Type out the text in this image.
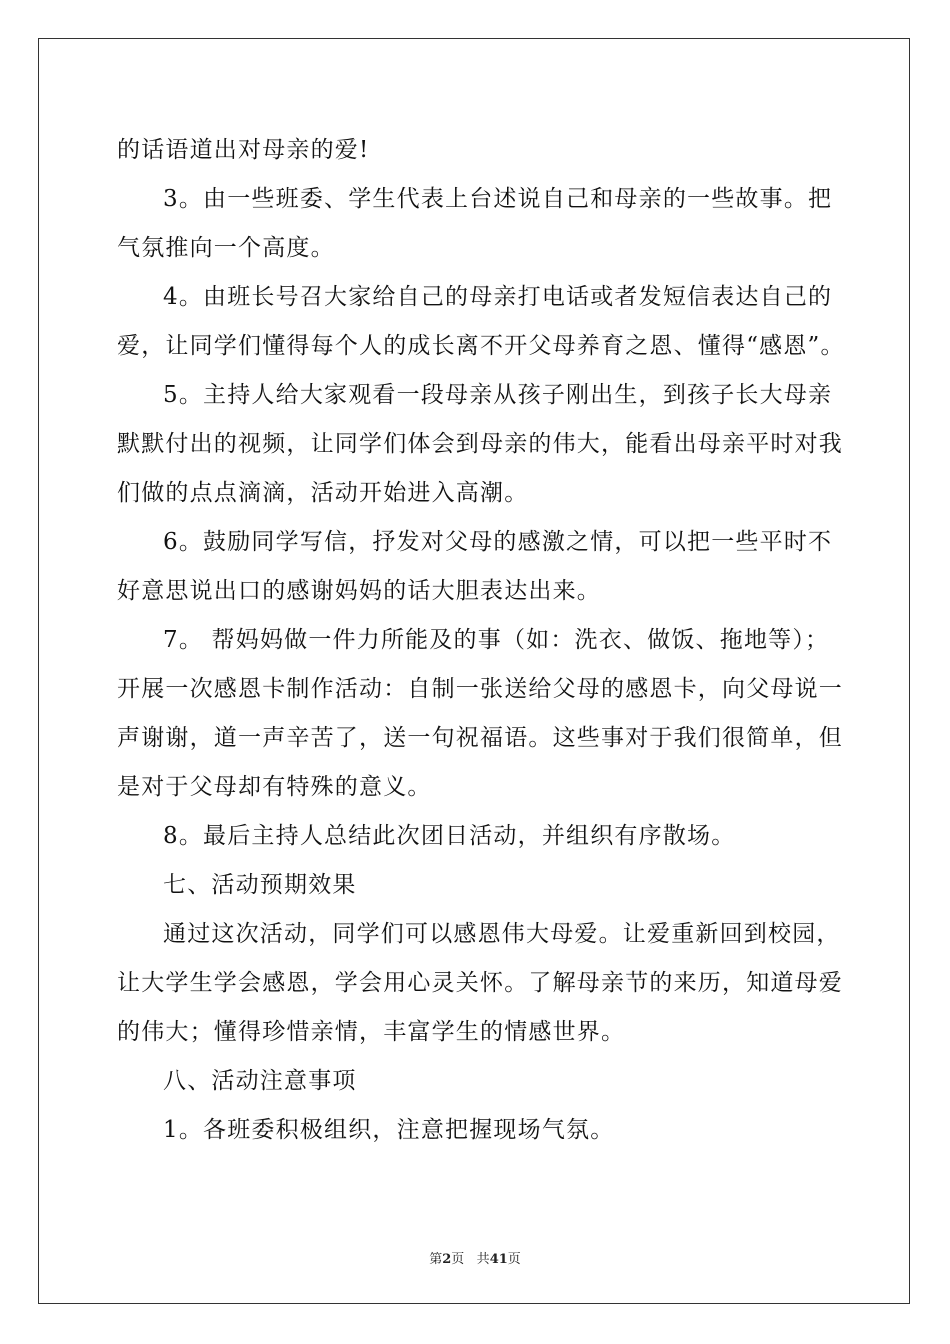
的话语道出对母亲的爱!
3。由一些班委、学生代表上台述说自己和母亲的一些故事。把
气氛推向一个高度。
4。由班长号召大家给自己的母亲打电话或者发短信表达自己的
爱，让同学们懂得每个人的成长离不开父母养育之恩、懂得“感恩”。
5。主持人给大家观看一段母亲从孩子刚出生，到孩子长大母亲
默默付出的视频，让同学们体会到母亲的伟大，能看出母亲平时对我
们做的点点滴滴，活动开始进入高潮。
6。鼓励同学写信，抒发对父母的感激之情，可以把一些平时不
好意思说出口的感谢妈妈的话大胆表达出来。
7。 帮妈妈做一件力所能及的事（如：洗衣、做饭、拖地等）；
开展一次感恩卡制作活动：自制一张送给父母的感恩卡，向父母说一
声谢谢，道一声辛苦了，送一句祝福语。这些事对于我们很简单，但
是对于父母却有特殊的意义。
8。最后主持人总结此次团日活动，并组织有序散场。
七、活动预期效果
通过这次活动，同学们可以感恩伟大母爱。让爱重新回到校园，
让大学生学会感恩，学会用心灵关怀。了解母亲节的来历，知道母爱
的伟大；懂得珍惜亲情，丰富学生的情感世界。
八、活动注意事项
1。各班委积极组织，注意把握现场气氛。
第2页 共41页
